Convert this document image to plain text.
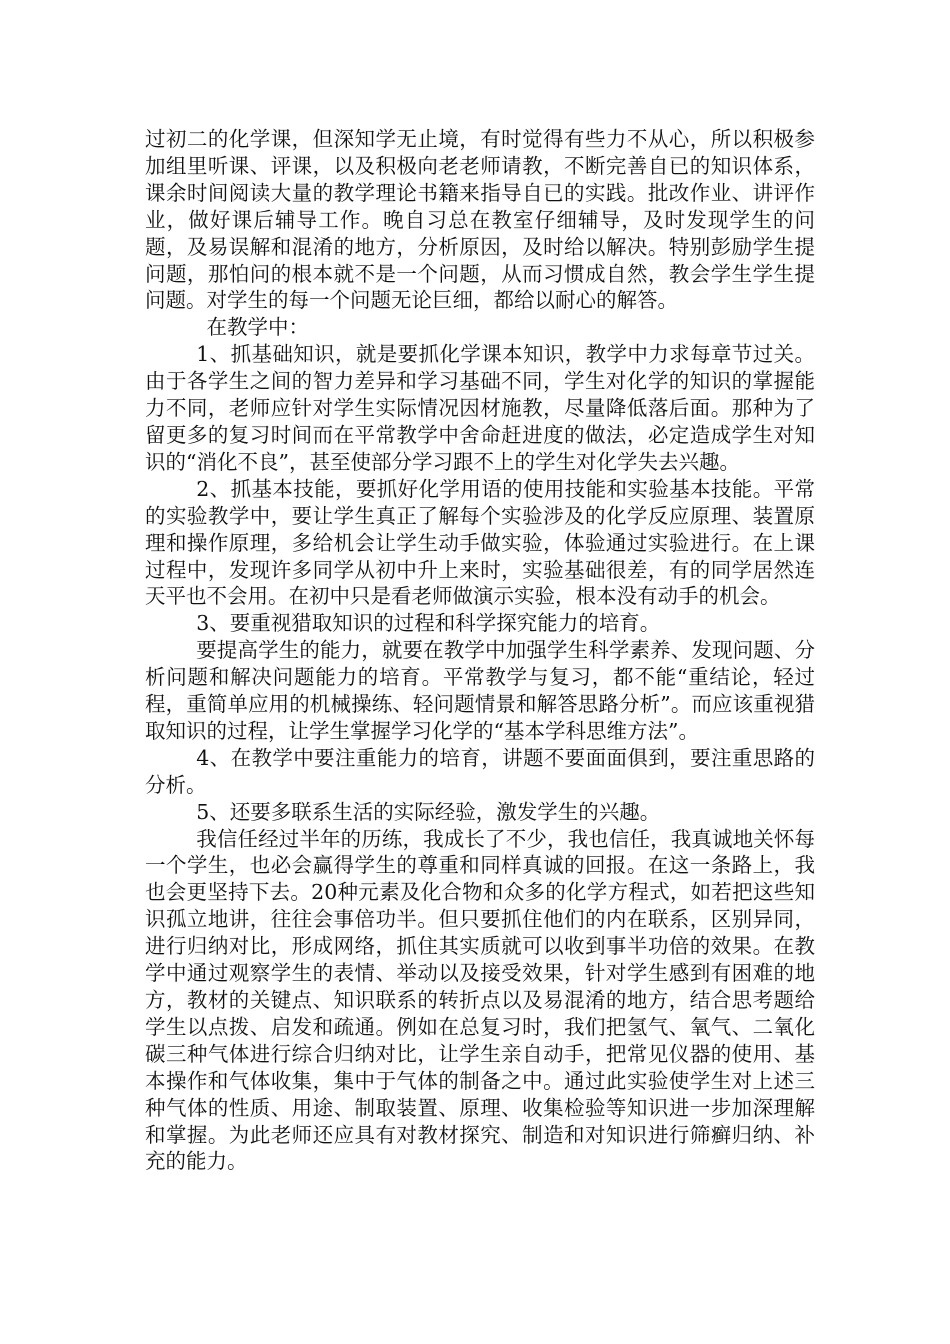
过初二的化学课，但深知学无止境，有时觉得有些力不从心，所以积极参加组里听课、评课，以及积极向老老师请教，不断完善自已的知识体系，课余时间阅读大量的教学理论书籍来指导自已的实践。批改作业、讲评作业，做好课后辅导工作。晚自习总在教室仔细辅导，及时发现学生的问题，及易误解和混淆的地方，分析原因，及时给以解决。特别彭励学生提问题，那怕问的根本就不是一个问题，从而习惯成自然，教会学生学生提问题。对学生的每一个问题无论巨细，都给以耐心的解答。

在教学中：

1、抓基础知识，就是要抓化学课本知识，教学中力求每章节过关。由于各学生之间的智力差异和学习基础不同，学生对化学的知识的掌握能力不同，老师应针对学生实际情况因材施教，尽量降低落后面。那种为了留更多的复习时间而在平常教学中舍命赶进度的做法，必定造成学生对知识的“消化不良”，甚至使部分学习跟不上的学生对化学失去兴趣。

2、抓基本技能，要抓好化学用语的使用技能和实验基本技能。平常的实验教学中，要让学生真正了解每个实验涉及的化学反应原理、装置原理和操作原理，多给机会让学生动手做实验，体验通过实验进行。在上课过程中，发现许多同学从初中升上来时，实验基础很差，有的同学居然连天平也不会用。在初中只是看老师做演示实验，根本没有动手的机会。

3、要重视猎取知识的过程和科学探究能力的培育。

要提高学生的能力，就要在教学中加强学生科学素养、发现问题、分析问题和解决问题能力的培育。平常教学与复习，都不能“重结论，轻过程，重简单应用的机械操练、轻问题情景和解答思路分析”。而应该重视猎取知识的过程，让学生掌握学习化学的“基本学科思维方法”。

4、在教学中要注重能力的培育，讲题不要面面俱到，要注重思路的分析。

5、还要多联系生活的实际经验，激发学生的兴趣。

我信任经过半年的历练，我成长了不少，我也信任，我真诚地关怀每一个学生，也必会赢得学生的尊重和同样真诚的回报。在这一条路上，我也会更坚持下去。20种元素及化合物和众多的化学方程式，如若把这些知识孤立地讲，往往会事倍功半。但只要抓住他们的内在联系，区别异同，进行归纳对比，形成网络，抓住其实质就可以收到事半功倍的效果。在教学中通过观察学生的表情、举动以及接受效果，针对学生感到有困难的地方，教材的关键点、知识联系的转折点以及易混淆的地方，结合思考题给学生以点拨、启发和疏通。例如在总复习时，我们把氢气、氧气、二氧化碳三种气体进行综合归纳对比，让学生亲自动手，把常见仪器的使用、基本操作和气体收集，集中于气体的制备之中。通过此实验使学生对上述三种气体的性质、用途、制取装置、原理、收集检验等知识进一步加深理解和掌握。为此老师还应具有对教材探究、制造和对知识进行筛癣归纳、补充的能力。
